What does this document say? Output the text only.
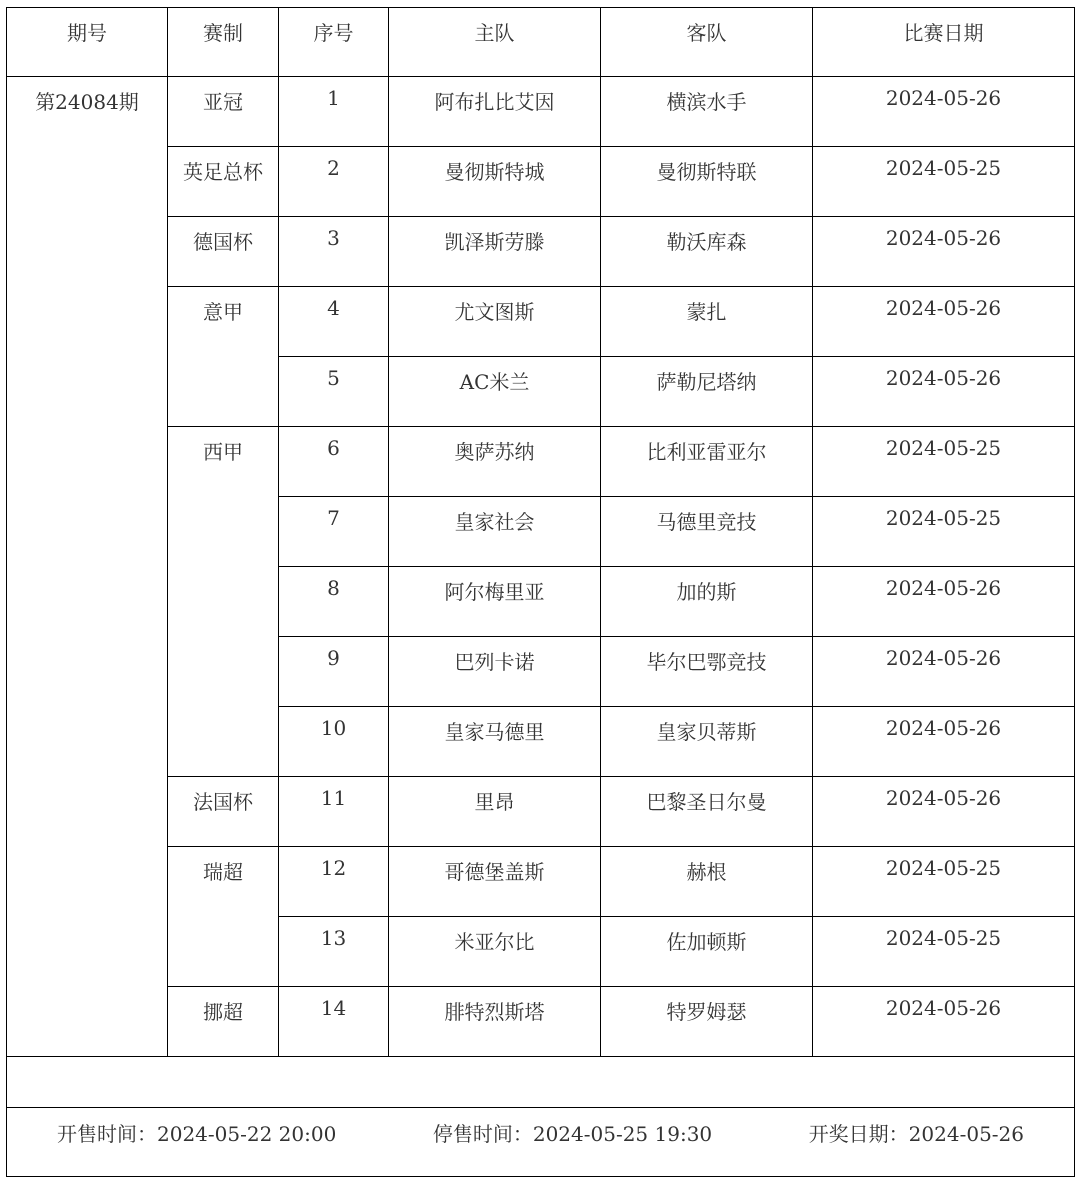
期号	赛制	序号	主队	客队	比赛日期
第24084期	亚冠	1	阿布扎比艾因	横滨水手	2024-05-26
	英足总杯	2	曼彻斯特城	曼彻斯特联	2024-05-25
	德国杯	3	凯泽斯劳滕	勒沃库森	2024-05-26
	意甲	4	尤文图斯	蒙扎	2024-05-26
		5	AC米兰	萨勒尼塔纳	2024-05-26
	西甲	6	奥萨苏纳	比利亚雷亚尔	2024-05-25
		7	皇家社会	马德里竞技	2024-05-25
		8	阿尔梅里亚	加的斯	2024-05-26
		9	巴列卡诺	毕尔巴鄂竞技	2024-05-26
		10	皇家马德里	皇家贝蒂斯	2024-05-26
	法国杯	11	里昂	巴黎圣日尔曼	2024-05-26
	瑞超	12	哥德堡盖斯	赫根	2024-05-25
		13	米亚尔比	佐加顿斯	2024-05-25
	挪超	14	腓特烈斯塔	特罗姆瑟	2024-05-26

开售时间：2024-05-22 20:00 停售时间：2024-05-25 19:30 开奖日期：2024-05-26					
